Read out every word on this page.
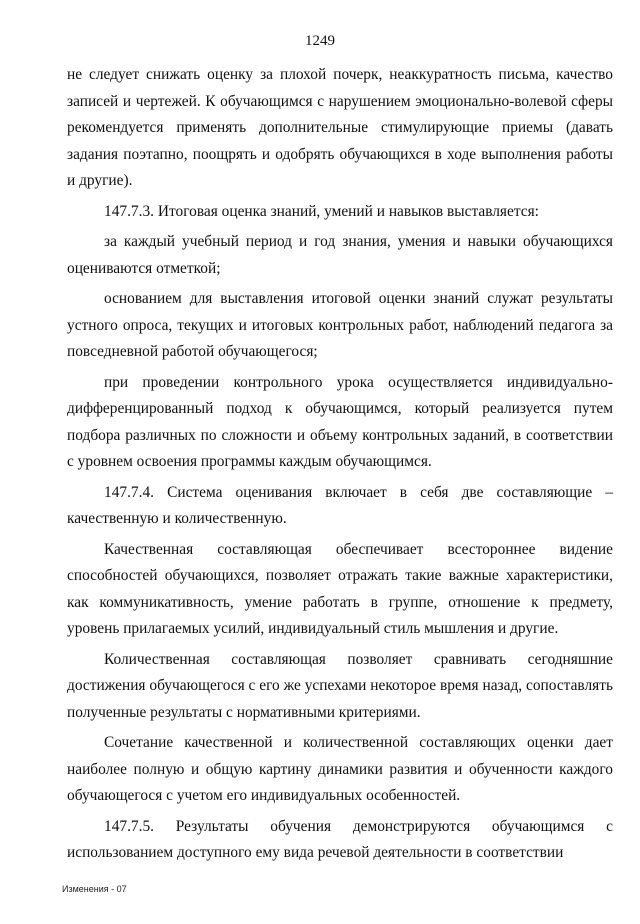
1249

не следует снижать оценку за плохой почерк, неаккуратность письма, качество записей и чертежей. К обучающимся с нарушением эмоционально-волевой сферы рекомендуется применять дополнительные стимулирующие приемы (давать задания поэтапно, поощрять и одобрять обучающихся в ходе выполнения работы и другие).

147.7.3. Итоговая оценка знаний, умений и навыков выставляется:

за каждый учебный период и год знания, умения и навыки обучающихся оцениваются отметкой;

основанием для выставления итоговой оценки знаний служат результаты устного опроса, текущих и итоговых контрольных работ, наблюдений педагога за повседневной работой обучающегося;

при проведении контрольного урока осуществляется индивидуально-дифференцированный подход к обучающимся, который реализуется путем подбора различных по сложности и объему контрольных заданий, в соответствии с уровнем освоения программы каждым обучающимся.

147.7.4. Система оценивания включает в себя две составляющие – качественную и количественную.

Качественная составляющая обеспечивает всестороннее видение способностей обучающихся, позволяет отражать такие важные характеристики, как коммуникативность, умение работать в группе, отношение к предмету, уровень прилагаемых усилий, индивидуальный стиль мышления и другие.

Количественная составляющая позволяет сравнивать сегодняшние достижения обучающегося с его же успехами некоторое время назад, сопоставлять полученные результаты с нормативными критериями.

Сочетание качественной и количественной составляющих оценки дает наиболее полную и общую картину динамики развития и обученности каждого обучающегося с учетом его индивидуальных особенностей.

147.7.5. Результаты обучения демонстрируются обучающимся с использованием доступного ему вида речевой деятельности в соответствии

Изменения - 07
